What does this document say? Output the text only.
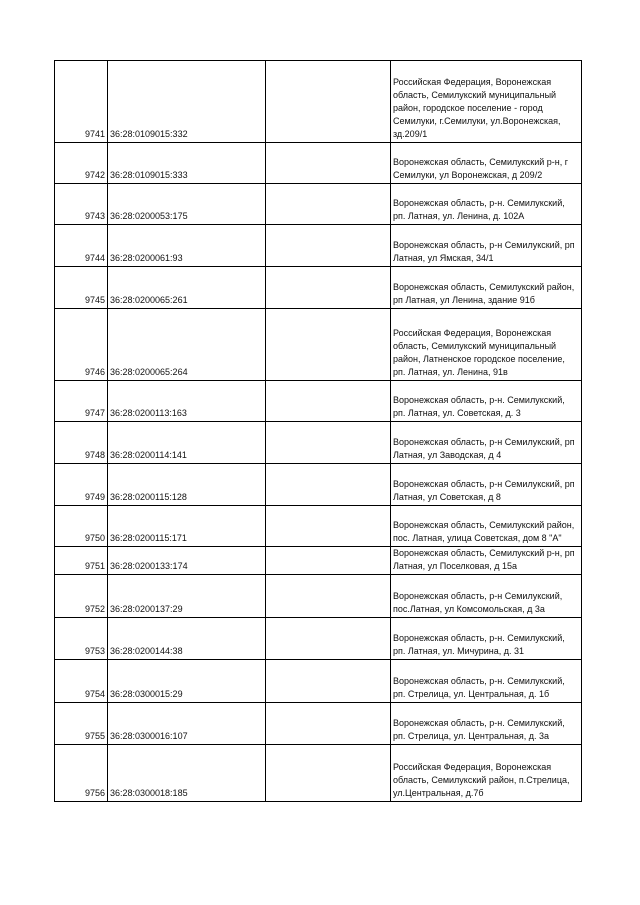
9741	36:28:0109015:332		Российская Федерация, Воронежская область, Семилукский муниципальный район, городское поселение - город Семилуки, г.Семилуки, ул.Воронежская, зд.209/1
9742	36:28:0109015:333		Воронежская область, Семилукский р-н, г Семилуки, ул Воронежская, д 209/2
9743	36:28:0200053:175		Воронежская область, р-н. Семилукский, рп. Латная, ул. Ленина, д. 102А
9744	36:28:0200061:93		Воронежская область, р-н Семилукский, рп Латная, ул Ямская, 34/1
9745	36:28:0200065:261		Воронежская область, Семилукский район, рп Латная, ул Ленина, здание 91б
9746	36:28:0200065:264		Российская Федерация, Воронежская область, Семилукский муниципальный район, Латненское городское поселение, рп. Латная, ул. Ленина, 91в
9747	36:28:0200113:163		Воронежская область, р-н. Семилукский, рп. Латная, ул. Советская, д. 3
9748	36:28:0200114:141		Воронежская область, р-н Семилукский, рп Латная, ул Заводская, д 4
9749	36:28:0200115:128		Воронежская область, р-н Семилукский, рп Латная, ул Советская, д 8
9750	36:28:0200115:171		Воронежская область, Семилукский район, пос. Латная, улица Советская, дом 8 "А"
9751	36:28:0200133:174		Воронежская область, Семилукский р-н, рп Латная, ул Поселковая, д 15а
9752	36:28:0200137:29		Воронежская область, р-н Семилукский, пос.Латная, ул Комсомольская, д 3а
9753	36:28:0200144:38		Воронежская область, р-н. Семилукский, рп. Латная, ул. Мичурина, д. 31
9754	36:28:0300015:29		Воронежская область, р-н. Семилукский, рп. Стрелица, ул. Центральная, д. 1б
9755	36:28:0300016:107		Воронежская область, р-н. Семилукский, рп. Стрелица, ул. Центральная, д. 3а
9756	36:28:0300018:185		Российская Федерация, Воронежская область, Семилукский район, п.Стрелица, ул.Центральная, д.7б
